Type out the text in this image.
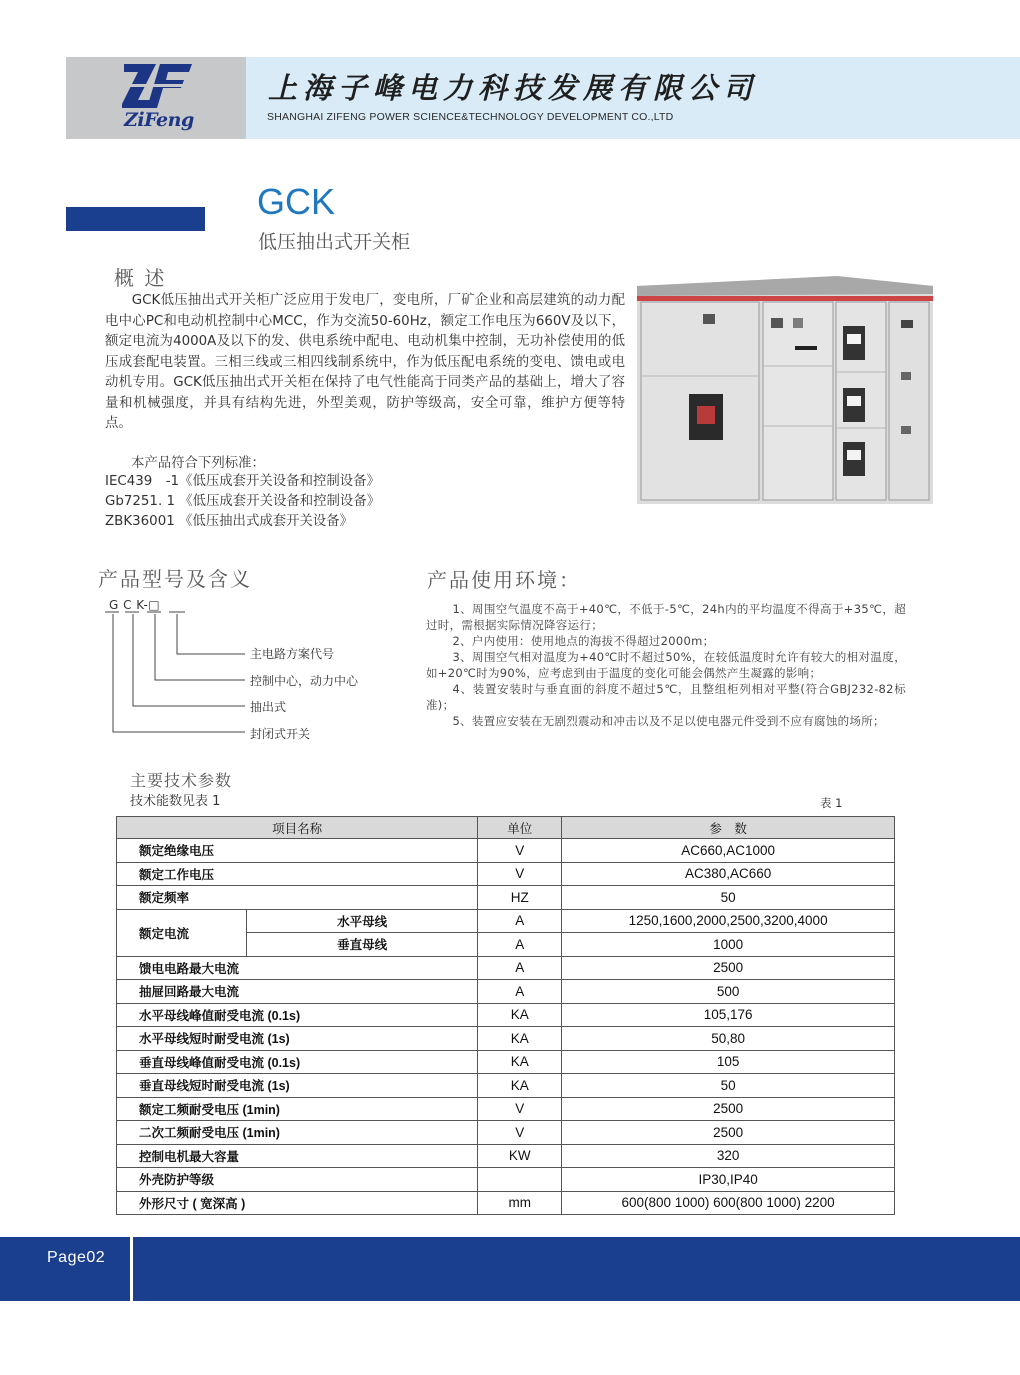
ZiFeng
上海子峰电力科技发展有限公司
SHANGHAI ZIFENG POWER SCIENCE&TECHNOLOGY DEVELOPMENT CO.,LTD
GCK
低压抽出式开关柜
概 述
GCK低压抽出式开关柜广泛应用于发电厂，变电所，厂矿企业和高层建筑的动力配电中心PC和电动机控制中心MCC，作为交流50-60Hz，额定工作电压为660V及以下，额定电流为4000A及以下的发、供电系统中配电、电动机集中控制，无功补偿使用的低压成套配电装置。三相三线或三相四线制系统中，作为低压配电系统的变电、馈电或电动机专用。GCK低压抽出式开关柜在保持了电气性能高于同类产品的基础上，增大了容量和机械强度，并具有结构先进，外型美观，防护等级高，安全可靠，维护方便等特点。
本产品符合下列标准：
IEC439　-1《低压成套开关设备和控制设备》
Gb7251. 1 《低压成套开关设备和控制设备》
ZBK36001 《低压抽出式成套开关设备》
产品型号及含义
G C K-□
主电路方案代号
控制中心，动力中心
抽出式
封闭式开关
产品使用环境：

1、周围空气温度不高于+40℃，不低于-5℃，24h内的平均温度不得高于+35℃，超过时，需根据实际情况降容运行；

2、户内使用：使用地点的海拔不得超过2000m；

3、周围空气相对温度为+40℃时不超过50%，在较低温度时允许有较大的相对温度，如+20℃时为90%，应考虑到由于温度的变化可能会偶然产生凝露的影响；

4、装置安装时与垂直面的斜度不超过5℃，且整组柜列相对平整(符合GBJ232-82标准)；

5、装置应安装在无剧烈震动和冲击以及不足以使电器元件受到不应有腐蚀的场所；

主要技术参数
技术能数见表 1	表 1
项目名称		单位	参　数
额定绝缘电压		V	AC660,AC1000
额定工作电压		V	AC380,AC660
额定频率		HZ	50
额定电流	水平母线	A	1250,1600,2000,2500,3200,4000
	垂直母线	A	1000
馈电电路最大电流		A	2500
抽屉回路最大电流		A	500
水平母线峰值耐受电流 (0.1s)		KA	105,176
水平母线短时耐受电流 (1s)		KA	50,80
垂直母线峰值耐受电流 (0.1s)		KA	105
垂直母线短时耐受电流 (1s)		KA	50
额定工频耐受电压 (1min)		V	2500
二次工频耐受电压 (1min)		V	2500
控制电机最大容量		KW	320
外壳防护等级			IP30,IP40
外形尺寸 ( 宽深高 )		mm	600(800 1000) 600(800 1000) 2200
Page02
